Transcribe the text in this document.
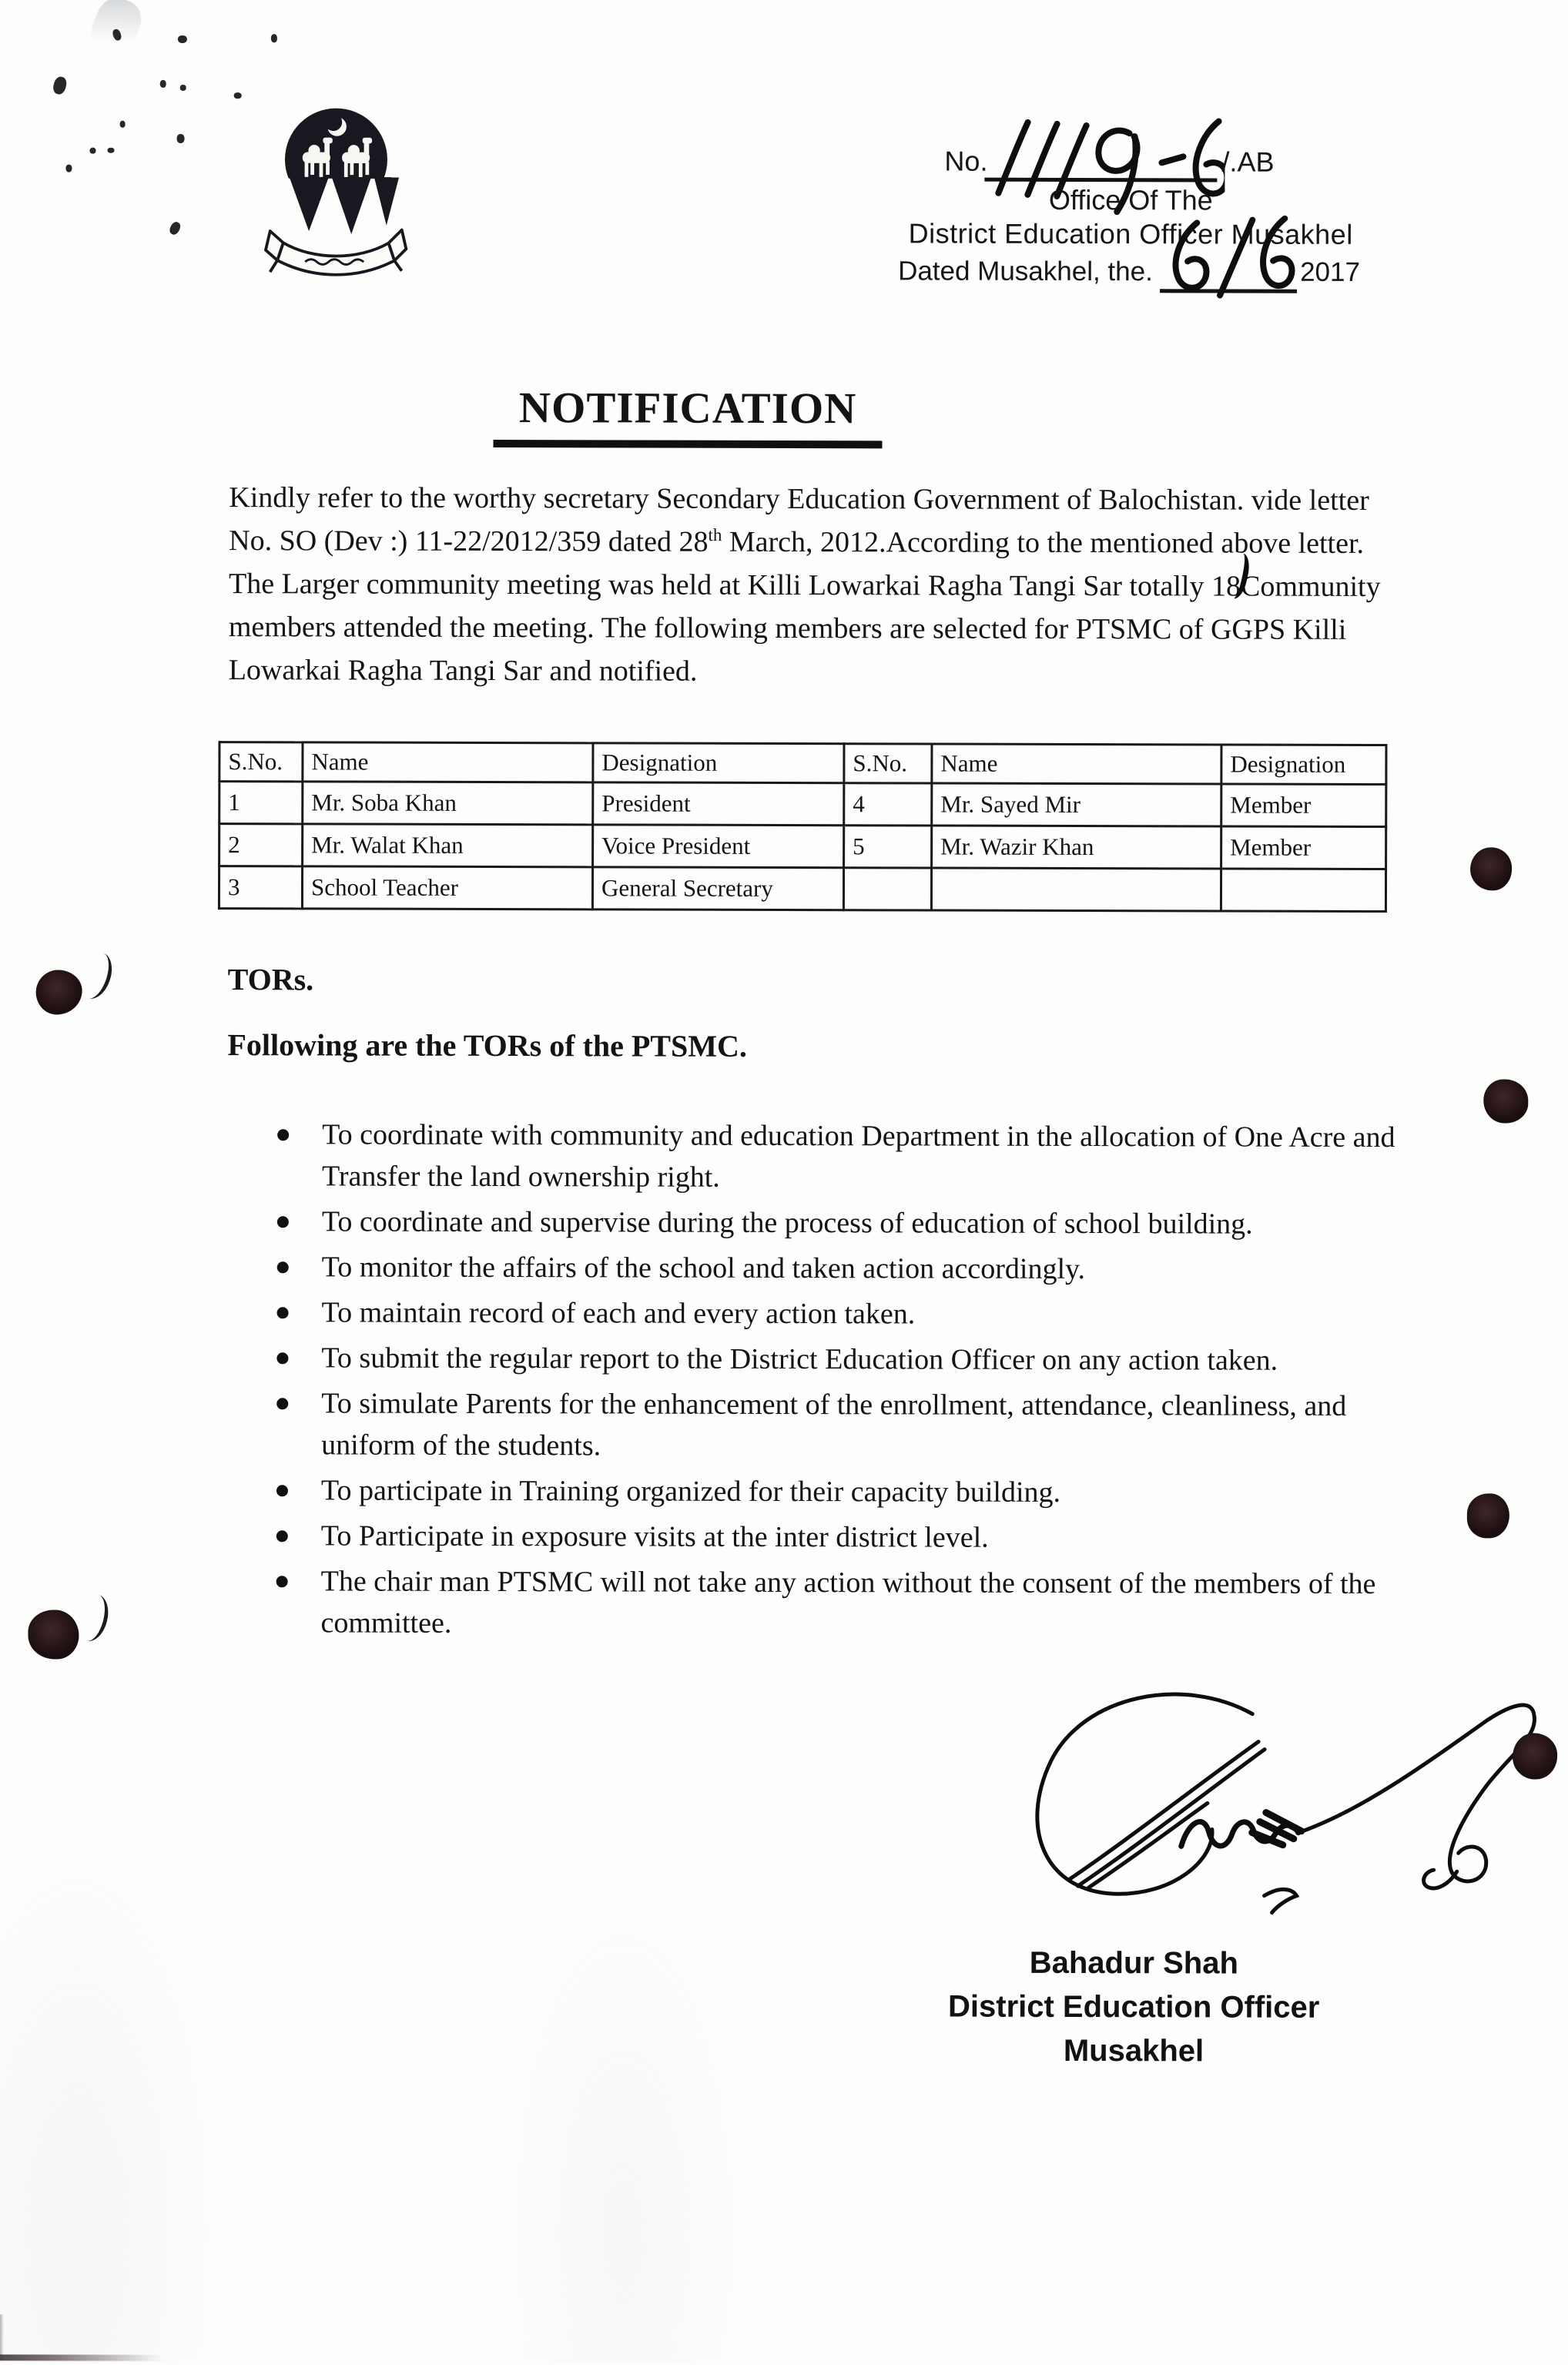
No.	/.AB
Office Of The
District Education Officer Musakhel
Dated Musakhel, the.	2017
NOTIFICATION
Kindly refer to the worthy secretary Secondary Education Government of Balochistan. vide letter No. SO (Dev :) 11-22/2012/359 dated 28th March, 2012.According to the mentioned above letter. The Larger community meeting was held at Killi Lowarkai Ragha Tangi Sar totally 18Community members attended the meeting. The following members are selected for PTSMC of GGPS Killi Lowarkai Ragha Tangi Sar and notified.
S.No.	Name	Designation	S.No.	Name	Designation
1	Mr. Soba Khan	President	4	Mr. Sayed Mir	Member
2	Mr. Walat Khan	Voice President	5	Mr. Wazir Khan	Member
3	School Teacher	General Secretary			
TORs.
Following are the TORs of the PTSMC.
To coordinate with community and education Department in the allocation of One Acre and Transfer the land ownership right.
To coordinate and supervise during the process of education of school building.
To monitor the affairs of the school and taken action accordingly.
To maintain record of each and every action taken.
To submit the regular report to the District Education Officer on any action taken.
To simulate Parents for the enhancement of the enrollment, attendance, cleanliness, and uniform of the students.
To participate in Training organized for their capacity building.
To Participate in exposure visits at the inter district level.
The chair man PTSMC will not take any action without the consent of the members of the committee.
Bahadur Shah
District Education Officer
Musakhel
